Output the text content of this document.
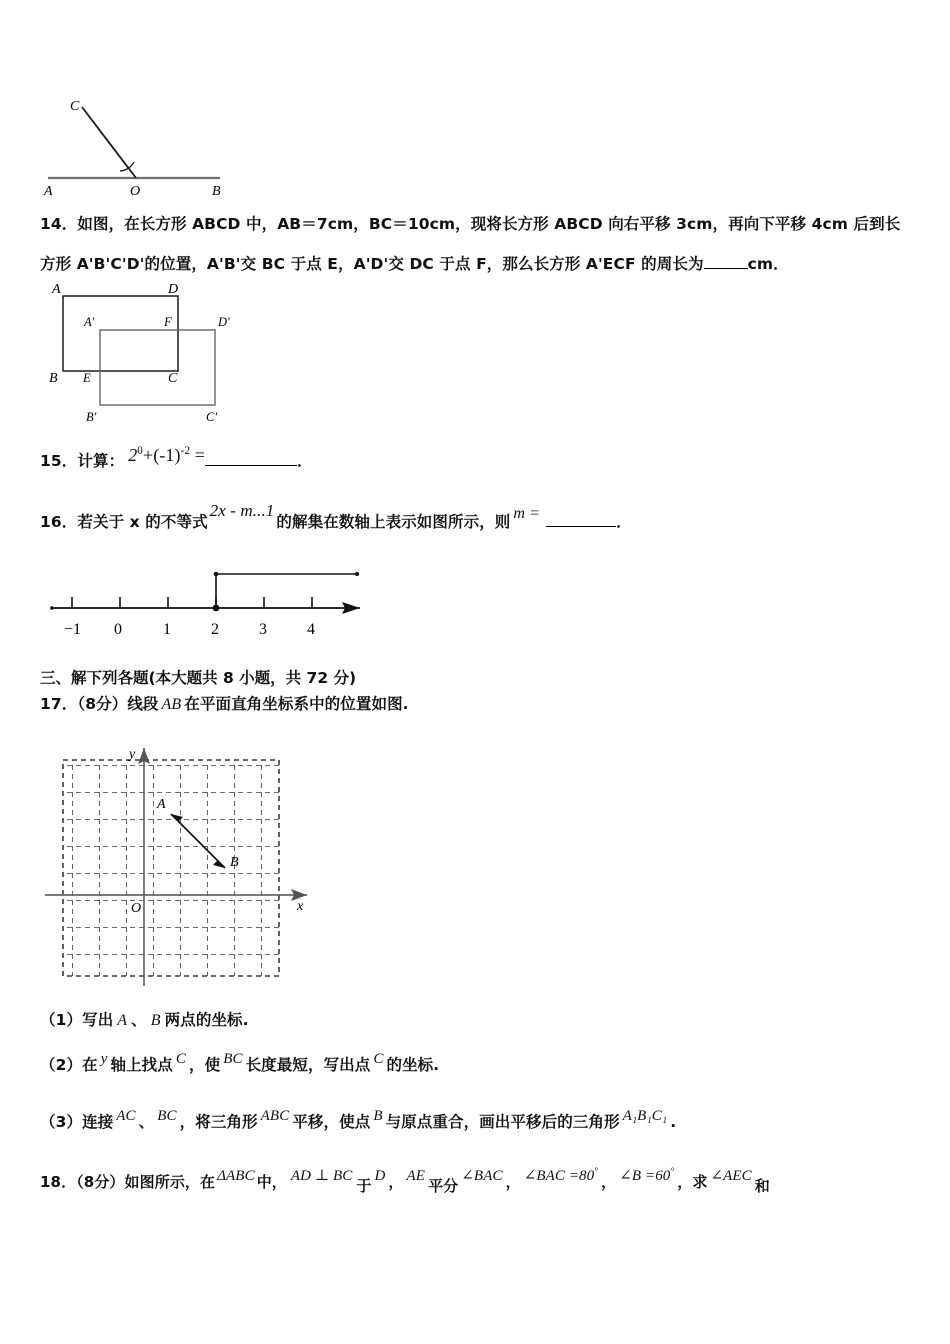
C
A	O	B
14．如图，在长方形 ABCD 中，AB＝7cm，BC＝10cm，现将长方形 ABCD 向右平移 3cm，再向下平移 4cm 后到长
方形 A'B'C'D'的位置，A'B'交 BC 于点 E，A'D'交 DC 于点 F，那么长方形 A'ECF 的周长为	cm．
A	D
A'	F	D'
B E	C
B'	C'
15．计算： $2^0+(-1)^{-2}$ =	．
16．若关于 x 的不等式2x - m...1的解集在数轴上表示如图所示，则 m =	．
−1 0	1	2	3	4
三、解下列各题(本大题共 8 小题，共 72 分)
17．（8分）线段 AB 在平面直角坐标系中的位置如图.
A
B
O	x
y
（1）写出 A 、 B 两点的坐标.
（2）在 y 轴上找点 C ，使 BC 长度最短，写出点 C 的坐标.
（3）连接 AC 、 BC ，将三角形 ABC 平移，使点 B 与原点重合，画出平移后的三角形 A₁B₁C₁ .
18．（8分）如图所示，在 ΔABC 中， AD ⊥ BC于D ， AE平分∠BAC ， ∠BAC =80°， ∠B =60°，求 ∠AEC和
